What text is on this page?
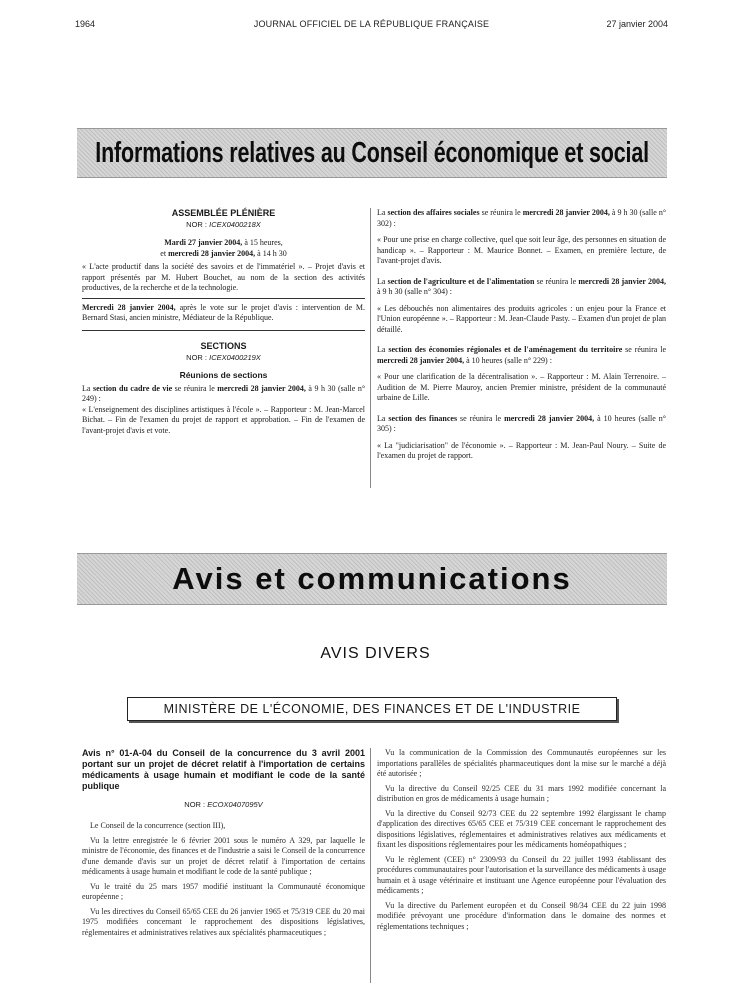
1964	JOURNAL OFFICIEL DE LA RÉPUBLIQUE FRANÇAISE	27 janvier 2004
Informations relatives au Conseil économique et social
ASSEMBLÉE PLÉNIÈRE
NOR : ICEX0400218X
Mardi 27 janvier 2004, à 15 heures,
et mercredi 28 janvier 2004, à 14 h 30

« L'acte productif dans la société des savoirs et de l'immatériel ». – Projet d'avis et rapport présentés par M. Hubert Bouchet, au nom de la section des activités productives, de la recherche et de la technologie.

Mercredi 28 janvier 2004, après le vote sur le projet d'avis : intervention de M. Bernard Stasi, ancien ministre, Médiateur de la République.

SECTIONS
NOR : ICEX0400219X
Réunions de sections

La section du cadre de vie se réunira le mercredi 28 janvier 2004, à 9 h 30 (salle n° 249) :

« L'enseignement des disciplines artistiques à l'école ». – Rapporteur : M. Jean-Marcel Bichat. – Fin de l'examen du projet de rapport et approbation. – Fin de l'examen de l'avant-projet d'avis et vote.

La section des affaires sociales se réunira le mercredi 28 janvier 2004, à 9 h 30 (salle n° 302) :

« Pour une prise en charge collective, quel que soit leur âge, des personnes en situation de handicap ». – Rapporteur : M. Maurice Bonnet. – Examen, en première lecture, de l'avant-projet d'avis.

La section de l'agriculture et de l'alimentation se réunira le mercredi 28 janvier 2004, à 9 h 30 (salle n° 304) :

« Les débouchés non alimentaires des produits agricoles : un enjeu pour la France et l'Union européenne ». – Rapporteur : M. Jean-Claude Pasty. – Examen d'un projet de plan détaillé.

La section des économies régionales et de l'aménagement du territoire se réunira le mercredi 28 janvier 2004, à 10 heures (salle n° 229) :

« Pour une clarification de la décentralisation ». – Rapporteur : M. Alain Terrenoire. – Audition de M. Pierre Mauroy, ancien Premier ministre, président de la communauté urbaine de Lille.

La section des finances se réunira le mercredi 28 janvier 2004, à 10 heures (salle n° 305) :

« La "judiciarisation" de l'économie ». – Rapporteur : M. Jean-Paul Noury. – Suite de l'examen du projet de rapport.

Avis et communications
AVIS DIVERS
MINISTÈRE DE L'ÉCONOMIE, DES FINANCES ET DE L'INDUSTRIE
Avis n° 01-A-04 du Conseil de la concurrence du 3 avril 2001 portant sur un projet de décret relatif à l'importation de certains médicaments à usage humain et modifiant le code de la santé publique
NOR : ECOX0407095V

Le Conseil de la concurrence (section III),

Vu la lettre enregistrée le 6 février 2001 sous le numéro A 329, par laquelle le ministre de l'économie, des finances et de l'industrie a saisi le Conseil de la concurrence d'une demande d'avis sur un projet de décret relatif à l'importation de certains médicaments à usage humain et modifiant le code de la santé publique ;

Vu le traité du 25 mars 1957 modifié instituant la Communauté économique européenne ;

Vu les directives du Conseil 65/65 CEE du 26 janvier 1965 et 75/319 CEE du 20 mai 1975 modifiées concernant le rapprochement des dispositions législatives, réglementaires et administratives relatives aux spécialités pharmaceutiques ;

Vu la communication de la Commission des Communautés européennes sur les importations parallèles de spécialités pharmaceutiques dont la mise sur le marché a déjà été autorisée ;

Vu la directive du Conseil 92/25 CEE du 31 mars 1992 modifiée concernant la distribution en gros de médicaments à usage humain ;

Vu la directive du Conseil 92/73 CEE du 22 septembre 1992 élargissant le champ d'application des directives 65/65 CEE et 75/319 CEE concernant le rapprochement des dispositions législatives, réglementaires et administratives relatives aux médicaments et fixant les dispositions réglementaires pour les médicaments homéopathiques ;

Vu le règlement (CEE) n° 2309/93 du Conseil du 22 juillet 1993 établissant des procédures communautaires pour l'autorisation et la surveillance des médicaments à usage humain et à usage vétérinaire et instituant une Agence européenne pour l'évaluation des médicaments ;

Vu la directive du Parlement européen et du Conseil 98/34 CEE du 22 juin 1998 modifiée prévoyant une procédure d'information dans le domaine des normes et réglementations techniques ;
